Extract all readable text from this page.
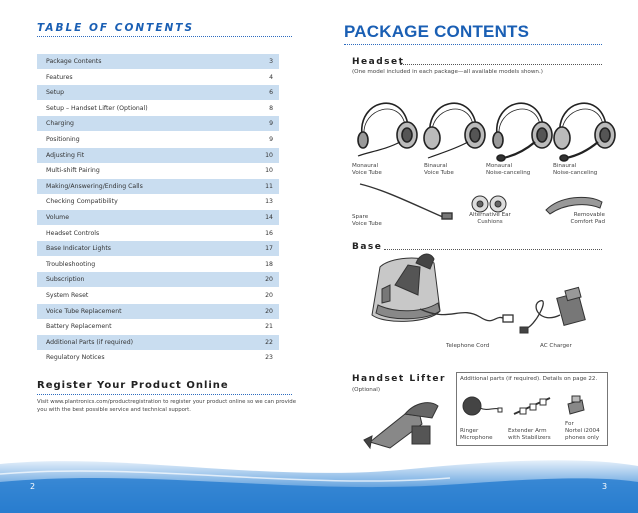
TABLE OF CONTENTS
Package Contents	3
Features	4
Setup	6
Setup – Handset Lifter (Optional)	8
Charging	9
Positioning	9
Adjusting Fit	10
Multi-shift Pairing	10
Making/Answering/Ending Calls	11
Checking Compatibility	13
Volume	14
Headset Controls	16
Base Indicator Lights	17
Troubleshooting	18
Subscription	20
System Reset	20
Voice Tube Replacement	20
Battery Replacement	21
Additional Parts (if required)	22
Regulatory Notices	23
Register Your Product Online
Visit www.plantronics.com/productregistration to register your product online so we can provide you with the best possible service and technical support.
PACKAGE CONTENTS
Headset
(One model included in each package—all available models shown.)
Monaural
Voice Tube
Binaural
Voice Tube
Monaural
Noise-canceling
Binaural
Noise-canceling
Spare
Voice Tube
Alternative Ear
Cushions
Removable
Comfort Pad
Base
Telephone Cord	AC Charger
Handset Lifter
(Optional)
Additional parts (if required). Details on page 22.
Ringer
Microphone
Extender Arm
with Stabilizers
For
Nortel i2004
phones only
2	3
